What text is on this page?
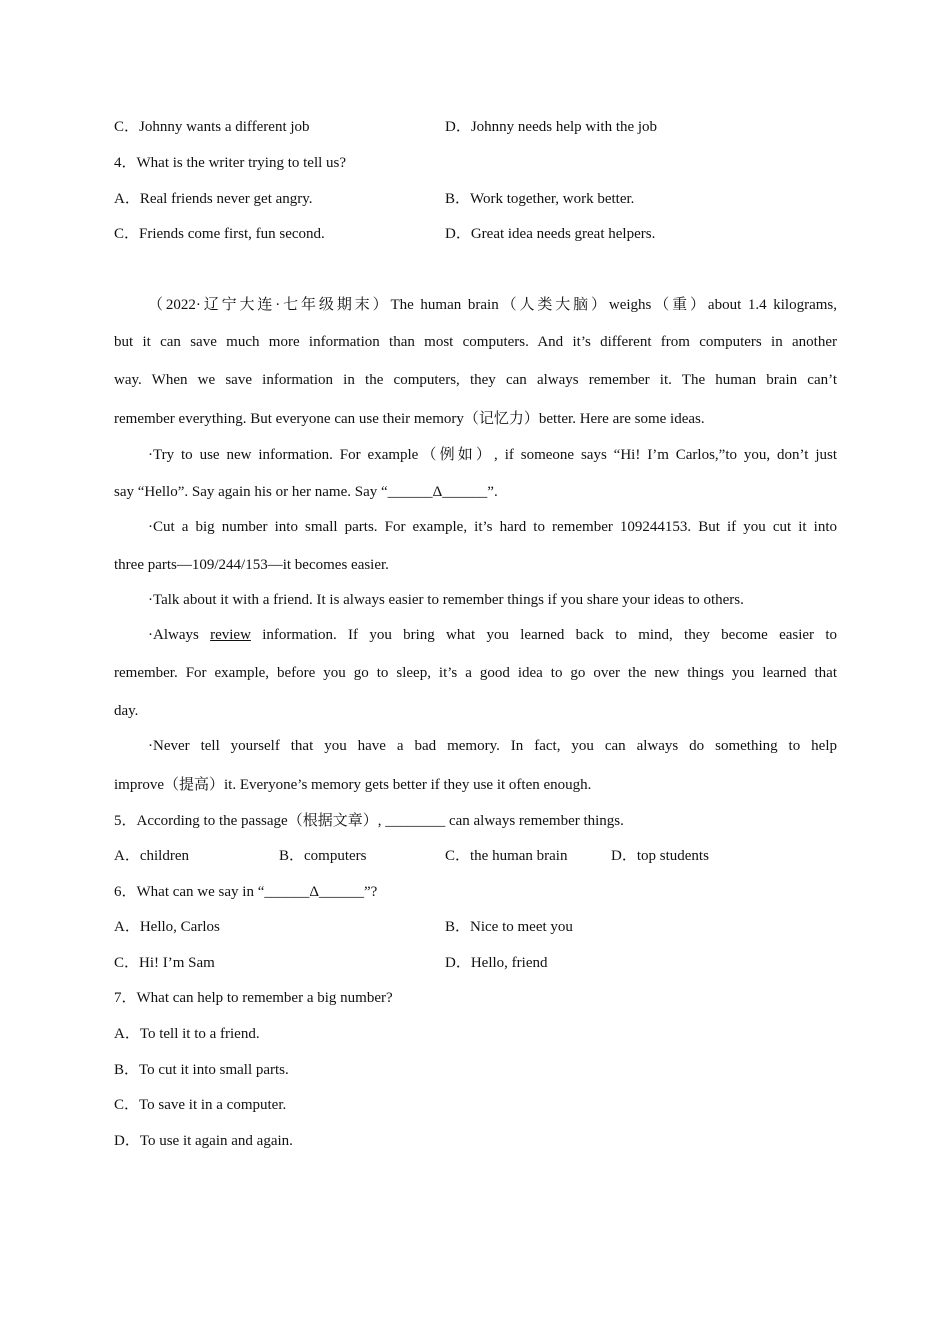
C．Johnny wants a different job	D．Johnny needs help with the job
4．What is the writer trying to tell us?
A．Real friends never get angry.	B．Work together, work better.
C．Friends come first, fun second.	D．Great idea needs great helpers.
（2022·辽宁大连·七年级期末）The human brain（人类大脑）weighs（重）about 1.4 kilograms,
but it can save much more information than most computers. And it’s different from computers in another
way. When we save information in the computers, they can always remember it. The human brain can’t
remember everything. But everyone can use their memory（记忆力）better. Here are some ideas.
·Try to use new information. For example（例如）, if someone says “Hi! I’m Carlos,”to you, don’t just
say “Hello”. Say again his or her name. Say “______Δ______”.
·Cut a big number into small parts. For example, it’s hard to remember 109244153. But if you cut it into
three parts—109/244/153—it becomes easier.
·Talk about it with a friend. It is always easier to remember things if you share your ideas to others.
·Always review information. If you bring what you learned back to mind, they become easier to
remember. For example, before you go to sleep, it’s a good idea to go over the new things you learned that
day.
·Never tell yourself that you have a bad memory. In fact, you can always do something to help
improve（提高）it. Everyone’s memory gets better if they use it often enough.
5．According to the passage（根据文章）, ________ can always remember things.
A．children	B．computers	C．the human brain	D．top students
6．What can we say in “______Δ______”?
A．Hello, Carlos	B．Nice to meet you
C．Hi! I’m Sam	D．Hello, friend
7．What can help to remember a big number?
A．To tell it to a friend.
B．To cut it into small parts.
C．To save it in a computer.
D．To use it again and again.
